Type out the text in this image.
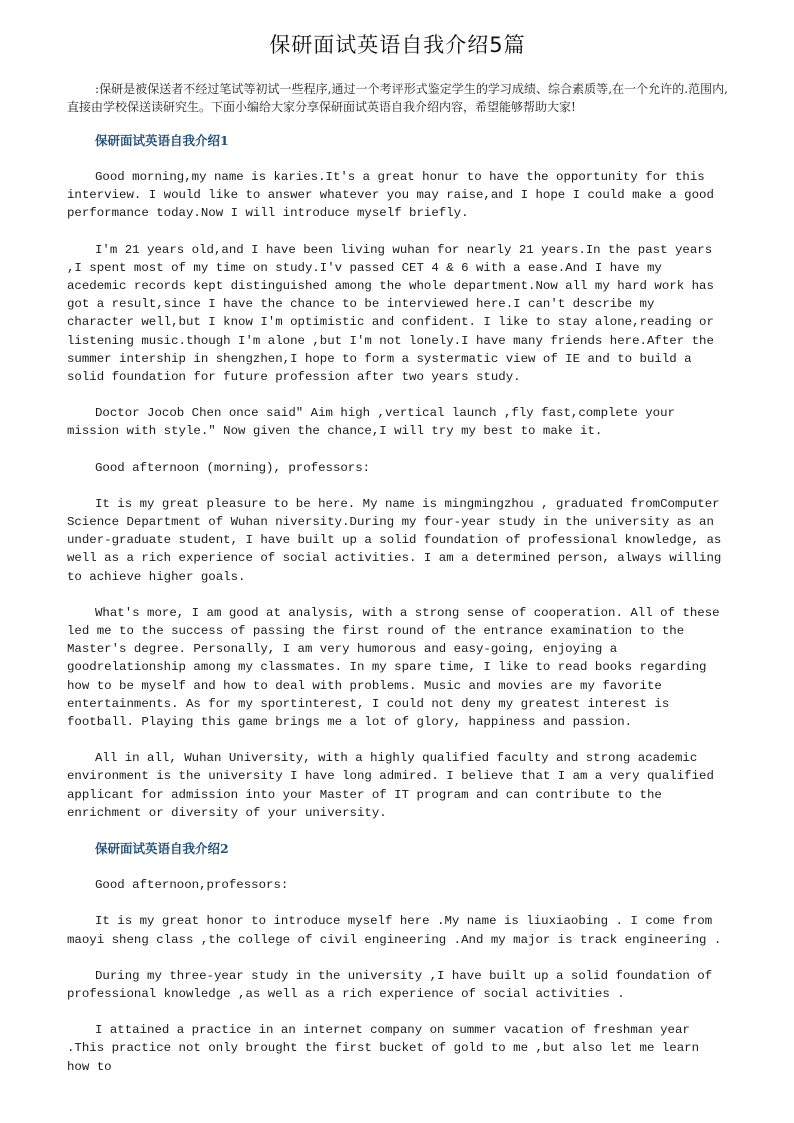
保研面试英语自我介绍5篇

:保研是被保送者不经过笔试等初试一些程序,通过一个考评形式鉴定学生的学习成绩、综合素质等,在一个允许的.范围内,直接由学校保送读研究生。下面小编给大家分享保研面试英语自我介绍内容，希望能够帮助大家!

保研面试英语自我介绍1

Good morning,my name is karies.It's a great honur to have the opportunity for this interview. I would like to answer whatever you may raise,and I hope I could make a good performance today.Now I will introduce myself briefly.

I'm 21 years old,and I have been living wuhan for nearly 21 years.In the past years ,I spent most of my time on study.I'v passed CET 4 & 6 with a ease.And I have my acedemic records kept distinguished among the whole department.Now all my hard work has got a result,since I have the chance to be interviewed here.I can't describe my character well,but I know I'm optimistic and confident. I like to stay alone,reading or listening music.though I'm alone ,but I'm not lonely.I have many friends here.After the summer intership in shengzhen,I hope to form a systermatic view of IE and to build a solid foundation for future profession after two years study.

Doctor Jocob Chen once said" Aim high ,vertical launch ,fly fast,complete your mission with style." Now given the chance,I will try my best to make it.

Good afternoon (morning), professors:

It is my great pleasure to be here. My name is mingmingzhou , graduated fromComputer Science Department of Wuhan niversity.During my four-year study in the university as an under-graduate student, I have built up a solid foundation of professional knowledge, as well as a rich experience of social activities. I am a determined person, always willing to achieve higher goals.

What's more, I am good at analysis, with a strong sense of cooperation. All of these led me to the success of passing the first round of the entrance examination to the Master's degree. Personally, I am very humorous and easy-going, enjoying a goodrelationship among my classmates. In my spare time, I like to read books regarding how to be myself and how to deal with problems. Music and movies are my favorite entertainments. As for my sportinterest, I could not deny my greatest interest is football. Playing this game brings me a lot of glory, happiness and passion.

All in all, Wuhan University, with a highly qualified faculty and strong academic environment is the university I have long admired. I believe that I am a very qualified applicant for admission into your Master of IT program and can contribute to the enrichment or diversity of your university.

保研面试英语自我介绍2

Good afternoon,professors:

It is my great honor to introduce myself here .My name is liuxiaobing . I come from maoyi sheng class ,the college of civil engineering .And my major is track engineering .

During my three-year study in the university ,I have built up a solid foundation of professional knowledge ,as well as a rich experience of social activities .

I attained a practice in an internet company on summer vacation of freshman year .This practice not only brought the first bucket of gold to me ,but also let me learn how to
